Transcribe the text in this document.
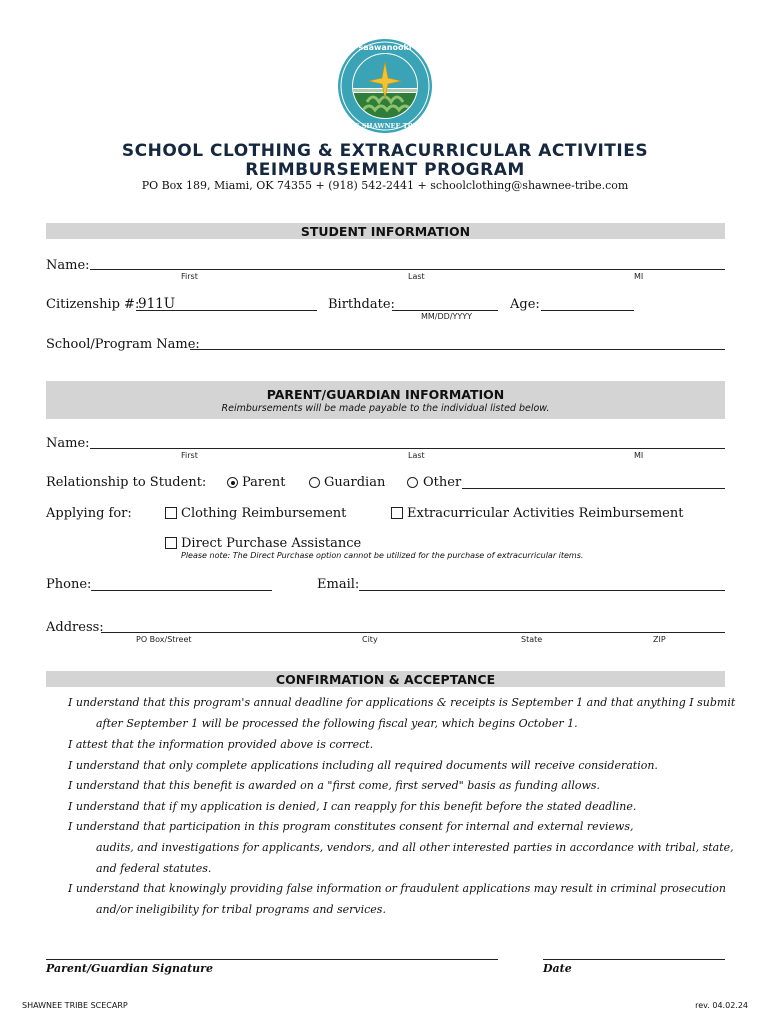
saawanooki
THE SHAWNEE TRIBE
SCHOOL CLOTHING & EXTRACURRICULAR ACTIVITIES
REIMBURSEMENT PROGRAM
PO Box 189, Miami, OK 74355 + (918) 542-2441 + schoolclothing@shawnee-tribe.com
STUDENT INFORMATION
Name:
First	Last	MI
Citizenship #:
911U	Birthdate:
MM/DD/YYYY
Age:
School/Program Name:
PARENT/GUARDIAN INFORMATION
Reimbursements will be made payable to the individual listed below.
Name:
First	Last	MI
Relationship to Student:	Parent	Guardian	Other
Applying for:	Clothing Reimbursement	Extracurricular Activities Reimbursement
Direct Purchase Assistance
Please note: The Direct Purchase option cannot be utilized for the purchase of extracurricular items.
Phone:	Email:
Address:
PO Box/Street	City	State	ZIP
CONFIRMATION & ACCEPTANCE
I understand that this program's annual deadline for applications & receipts is September 1 and that anything I submit
after September 1 will be processed the following fiscal year, which begins October 1.
I attest that the information provided above is correct.
I understand that only complete applications including all required documents will receive consideration.
I understand that this benefit is awarded on a "first come, first served" basis as funding allows.
I understand that if my application is denied, I can reapply for this benefit before the stated deadline.
I understand that participation in this program constitutes consent for internal and external reviews,
audits, and investigations for applicants, vendors, and all other interested parties in accordance with tribal, state,
and federal statutes.
I understand that knowingly providing false information or fraudulent applications may result in criminal prosecution
and/or ineligibility for tribal programs and services.
Parent/Guardian Signature	Date
SHAWNEE TRIBE SCECARP	rev. 04.02.24
